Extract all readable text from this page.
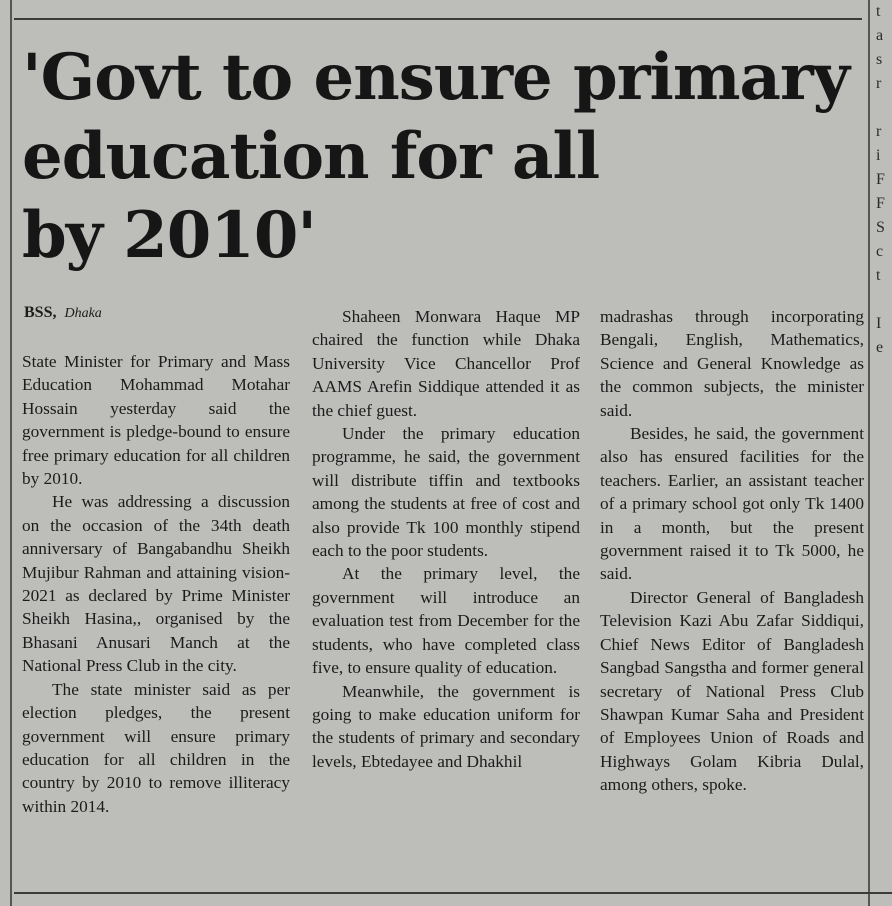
'Govt to ensure primary
education for all
by 2010'
BSS, Dhaka

State Minister for Primary and Mass Education Mohammad Motahar Hossain yesterday said the government is pledge-bound to ensure free primary education for all children by 2010.

He was addressing a discussion on the occasion of the 34th death anniversary of Bangabandhu Sheikh Mujibur Rahman and attaining vision-2021 as declared by Prime Minister Sheikh Hasina,, organised by the Bhasani Anusari Manch at the National Press Club in the city.

The state minister said as per election pledges, the present government will ensure primary education for all children in the country by 2010 to remove illiteracy within 2014.

Shaheen Monwara Haque MP chaired the function while Dhaka University Vice Chancellor Prof AAMS Arefin Siddique attended it as the chief guest.

Under the primary education programme, he said, the government will distribute tiffin and textbooks among the students at free of cost and also provide Tk 100 monthly stipend each to the poor students.

At the primary level, the government will introduce an evaluation test from December for the students, who have completed class five, to ensure quality of education.

Meanwhile, the government is going to make education uniform for the students of primary and secondary levels, Ebtedayee and Dhakhil

madrashas through incorporating Bengali, English, Mathematics, Science and General Knowledge as the common subjects, the minister said.

Besides, he said, the government also has ensured facilities for the teachers. Earlier, an assistant teacher of a primary school got only Tk 1400 in a month, but the present government raised it to Tk 5000, he said.

Director General of Bangladesh Television Kazi Abu Zafar Siddiqui, Chief News Editor of Bangladesh Sangbad Sangstha and former general secretary of National Press Club Shawpan Kumar Saha and President of Employees Union of Roads and Highways Golam Kibria Dulal, among others, spoke.

t
a
s
r

r
i
F
F
S
c
t

I
e
